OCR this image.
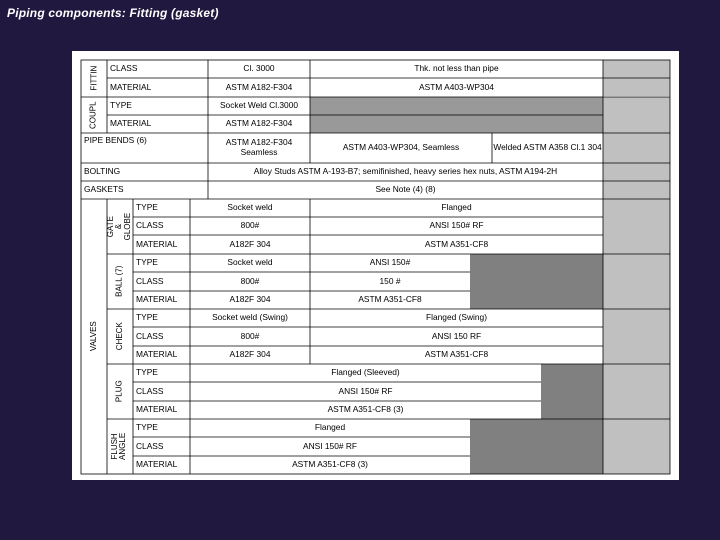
Piping components: Fitting (gasket)
FITTIN	CLASS	Cl. 3000	Thk. not less than pipe
MATERIAL	ASTM A182-F304	ASTM A403-WP304
COUPL	TYPE	Socket Weld Cl.3000
MATERIAL	ASTM A182-F304
PIPE BENDS (6)	ASTM A182-F304 Seamless	ASTM A403-WP304, Seamless	Welded ASTM A358 Cl.1 304
BOLTING	Alloy Studs ASTM A-193-B7; semifinished, heavy series hex nuts, ASTM A194-2H
GASKETS	See Note (4) (8)
VALVES
GATE & GLOBE
TYPE	Socket weld	Flanged
CLASS	800#	ANSI 150# RF
MATERIAL	A182F 304	ASTM A351-CF8
BALL (7)
TYPE	Socket weld	ANSI 150#
CLASS	800#	150 #
MATERIAL	A182F 304	ASTM A351-CF8
CHECK
TYPE	Socket weld (Swing)	Flanged (Swing)
CLASS	800#	ANSI 150 RF
MATERIAL	A182F 304	ASTM A351-CF8
PLUG
TYPE	Flanged (Sleeved)
CLASS	ANSI 150# RF
MATERIAL	ASTM A351-CF8 (3)
FLUSH ANGLE
TYPE	Flanged
CLASS	ANSI 150# RF
MATERIAL	ASTM A351-CF8 (3)
